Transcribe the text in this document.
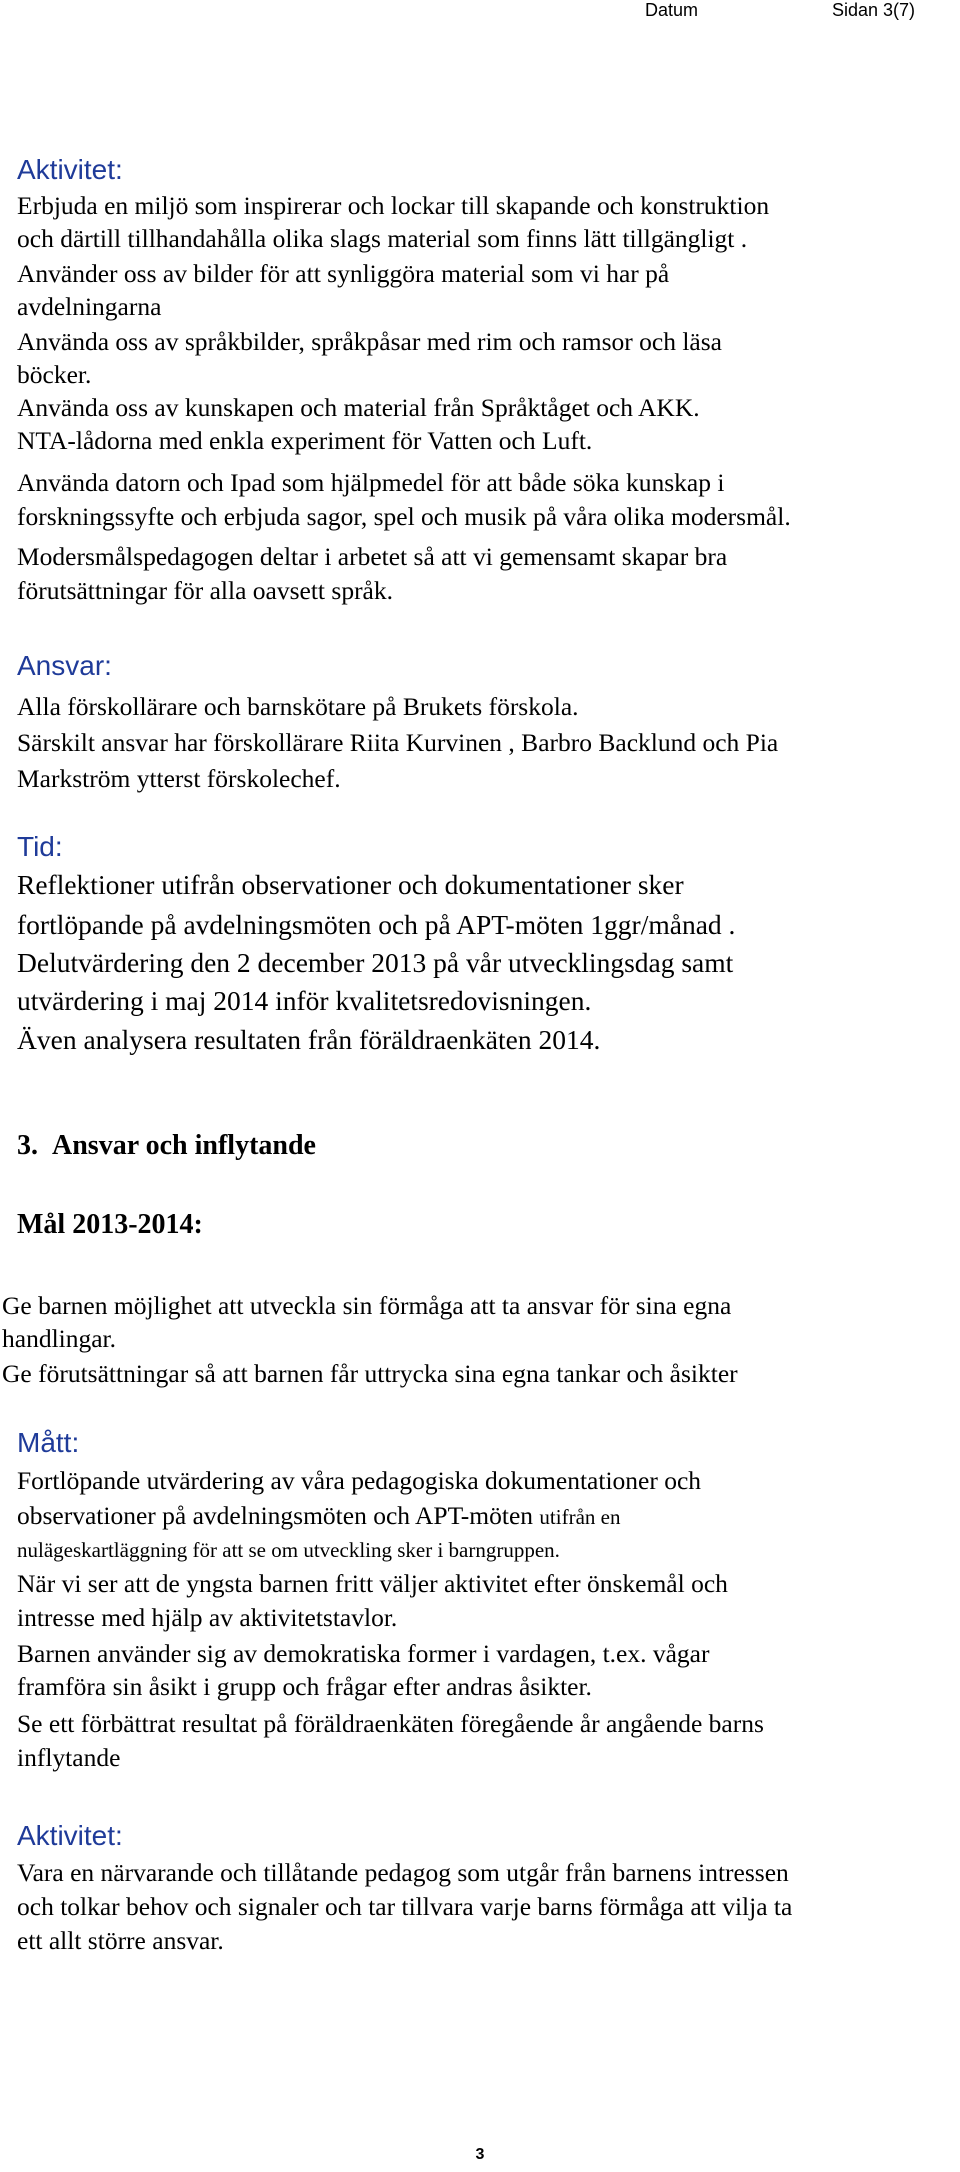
Datum	Sidan 3(7)
Aktivitet:
Erbjuda en miljö som inspirerar och lockar till skapande och konstruktion
och därtill tillhandahålla olika slags material som finns lätt tillgängligt .
Använder oss av bilder för att synliggöra material som vi har på
avdelningarna
Använda oss av språkbilder, språkpåsar med rim och ramsor och läsa
böcker.
Använda oss av kunskapen och material från Språktåget och AKK.
NTA-lådorna med enkla experiment för Vatten och Luft.
Använda datorn och Ipad som hjälpmedel för att både söka kunskap i
forskningssyfte och erbjuda sagor, spel och musik på våra olika modersmål.
Modersmålspedagogen deltar i arbetet så att vi gemensamt skapar bra
förutsättningar för alla oavsett språk.
Ansvar:
Alla förskollärare och barnskötare på Brukets förskola.
Särskilt ansvar har förskollärare Riita Kurvinen , Barbro Backlund och Pia
Markström ytterst förskolechef.
Tid:
Reflektioner utifrån observationer och dokumentationer sker
fortlöpande på avdelningsmöten och på APT-möten 1ggr/månad .
Delutvärdering den 2 december 2013 på vår utvecklingsdag samt
utvärdering i maj 2014 inför kvalitetsredovisningen.
Även analysera resultaten från föräldraenkäten 2014.
3. Ansvar och inflytande
Mål 2013-2014:
Ge barnen möjlighet att utveckla sin förmåga att ta ansvar för sina egna
handlingar.
Ge förutsättningar så att barnen får uttrycka sina egna tankar och åsikter
Mått:
Fortlöpande utvärdering av våra pedagogiska dokumentationer och
observationer på avdelningsmöten och APT-möten utifrån en
nulägeskartläggning för att se om utveckling sker i barngruppen.
När vi ser att de yngsta barnen fritt väljer aktivitet efter önskemål och
intresse med hjälp av aktivitetstavlor.
Barnen använder sig av demokratiska former i vardagen, t.ex. vågar
framföra sin åsikt i grupp och frågar efter andras åsikter.
Se ett förbättrat resultat på föräldraenkäten föregående år angående barns
inflytande
Aktivitet:
Vara en närvarande och tillåtande pedagog som utgår från barnens intressen
och tolkar behov och signaler och tar tillvara varje barns förmåga att vilja ta
ett allt större ansvar.
3
